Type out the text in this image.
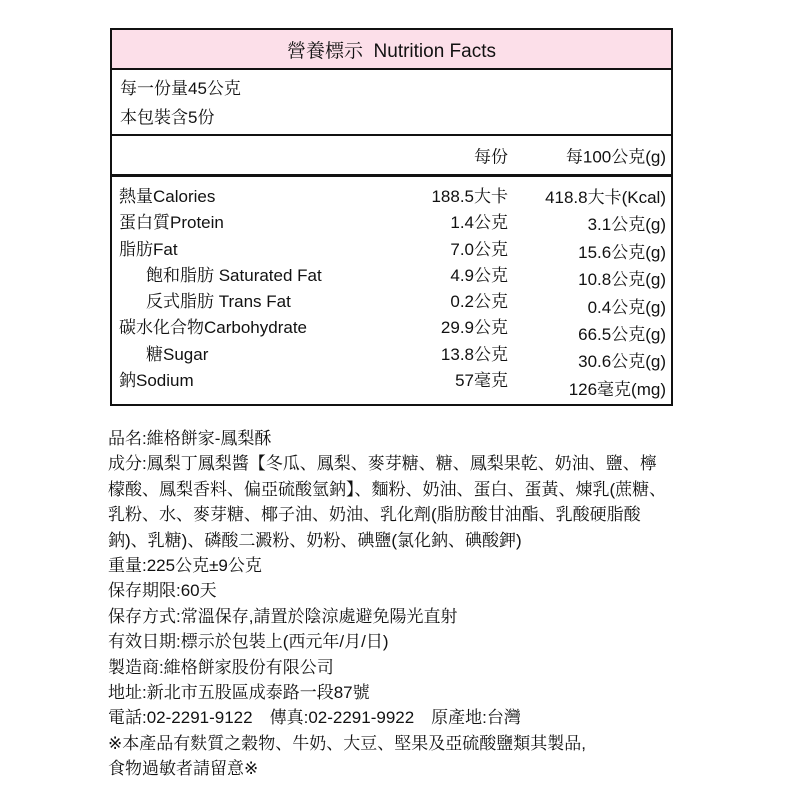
營養標示  Nutrition Facts
每一份量45公克
本包裝含5份
每份	每100公克(g)
熱量Calories
蛋白質Protein
脂肪Fat
飽和脂肪 Saturated Fat
反式脂肪 Trans Fat
碳水化合物Carbohydrate
糖Sugar
鈉Sodium
188.5大卡
1.4公克
7.0公克
4.9公克
0.2公克
29.9公克
13.8公克
57毫克
418.8大卡(Kcal)
3.1公克(g)
15.6公克(g)
10.8公克(g)
0.4公克(g)
66.5公克(g)
30.6公克(g)
126毫克(mg)
品名:維格餅家-鳳梨酥
成分:鳳梨丁鳳梨醬【冬瓜、鳳梨、麥芽糖、糖、鳳梨果乾、奶油、鹽、檸
檬酸、鳳梨香料、偏亞硫酸氫鈉】、麵粉、奶油、蛋白、蛋黃、煉乳(蔗糖、
乳粉、水、麥芽糖、椰子油、奶油、乳化劑(脂肪酸甘油酯、乳酸硬脂酸
鈉)、乳糖)、磷酸二澱粉、奶粉、碘鹽(氯化鈉、碘酸鉀)
重量:225公克±9公克
保存期限:60天
保存方式:常溫保存,請置於陰涼處避免陽光直射
有效日期:標示於包裝上(西元年/月/日)
製造商:維格餅家股份有限公司
地址:新北市五股區成泰路一段87號
電話:02-2291-9122　傳真:02-2291-9922　原產地:台灣
※本產品有麩質之穀物、牛奶、大豆、堅果及亞硫酸鹽類其製品,
食物過敏者請留意※
